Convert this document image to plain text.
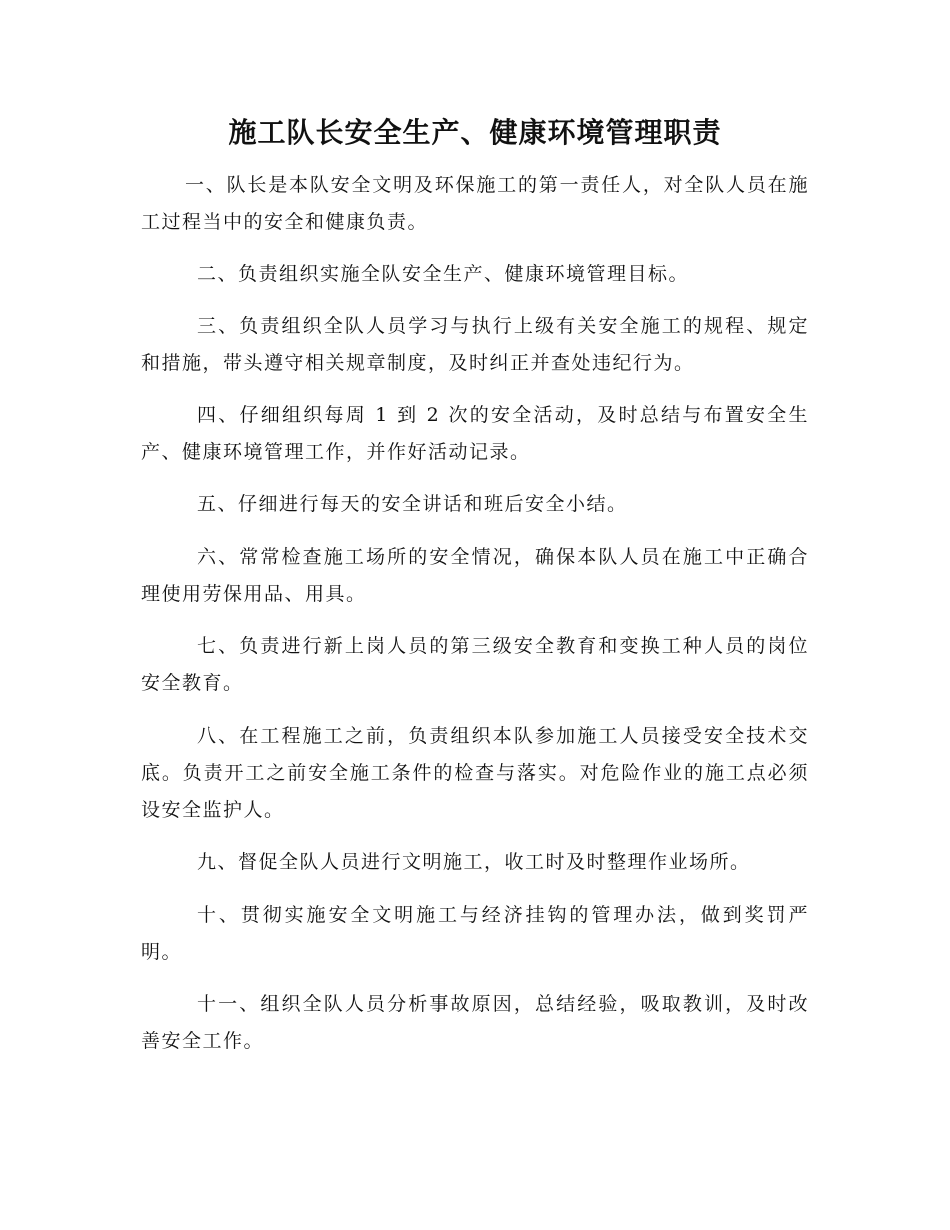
施工队长安全生产、健康环境管理职责

一、队长是本队安全文明及环保施工的第一责任人，对全队人员在施工过程当中的安全和健康负责。

二、负责组织实施全队安全生产、健康环境管理目标。

三、负责组织全队人员学习与执行上级有关安全施工的规程、规定和措施，带头遵守相关规章制度，及时纠正并查处违纪行为。

四、仔细组织每周 1 到 2 次的安全活动，及时总结与布置安全生产、健康环境管理工作，并作好活动记录。

五、仔细进行每天的安全讲话和班后安全小结。

六、常常检查施工场所的安全情况，确保本队人员在施工中正确合理使用劳保用品、用具。

七、负责进行新上岗人员的第三级安全教育和变换工种人员的岗位安全教育。

八、在工程施工之前，负责组织本队参加施工人员接受安全技术交底。负责开工之前安全施工条件的检查与落实。对危险作业的施工点必须设安全监护人。

九、督促全队人员进行文明施工，收工时及时整理作业场所。

十、贯彻实施安全文明施工与经济挂钩的管理办法，做到奖罚严明。

十一、组织全队人员分析事故原因，总结经验，吸取教训，及时改善安全工作。
